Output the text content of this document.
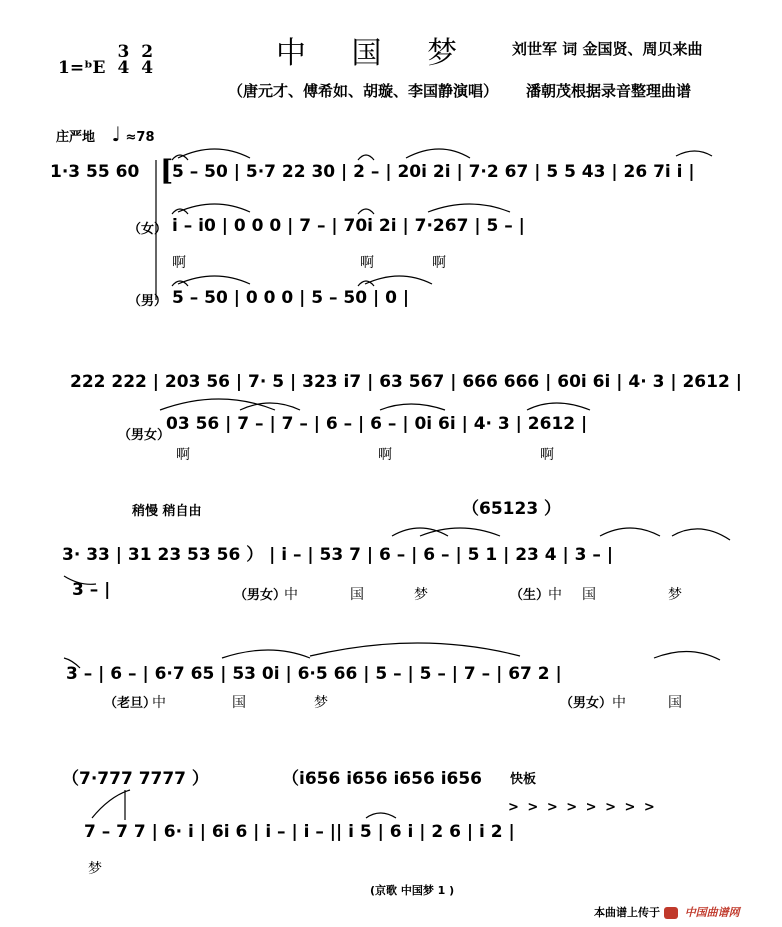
1=ᵇE
3
4

2
4	中 国 梦 刘世军 词 金国贤、周贝来曲
（唐元才、傅希如、胡璇、李国静演唱） 潘朝茂根据录音整理曲谱
庄严地 ♩ ≈78
1·3 55 60 [
5 – 50 | 5·7 22 30 | 2 – | 20i 2i | 7·2 67 | 5 5 43 | 26 7i i |
（女） i – i0 | 0 0 0 | 7 – | 70i 2i | 7·267 | 5 – |
啊	啊	啊
（男） 5 – 50 | 0 0 0 | 5 – 50 | 0 |
222 222 | 203 56 | 7· 5 | 323 i7 | 63 567 | 666 666 | 60i 6i | 4· 3 | 2612 |
（男女）
03 56 | 7 – | 7 – | 6 – | 6 – | 0i 6i | 4· 3 | 2612 |
啊	啊	啊
稍慢 稍自由	（65123 ）
3· 33 | 31 23 53 56 ） | i – | 53 7 | 6 – | 6 – | 5 1 | 23 4 | 3 – |
3 – |	（男女）
中	国	梦	（生）
中 国	梦
3 – | 6 – | 6·7 65 | 53 0i | 6·5 66 | 5 – | 5 – | 7 – | 67 2 |
（老旦）
中	国	梦	（男女） 中	国
（7·777 7777 ）	（i656 i656 i656 i656 快板
> > > > > > > >
7 – 7 7 | 6· i | 6i 6 | i – | i – || i 5 | 6 i | 2 6 | i 2 |
梦
(京歌 中国梦 1 )
本曲谱上传于 中国曲谱网
